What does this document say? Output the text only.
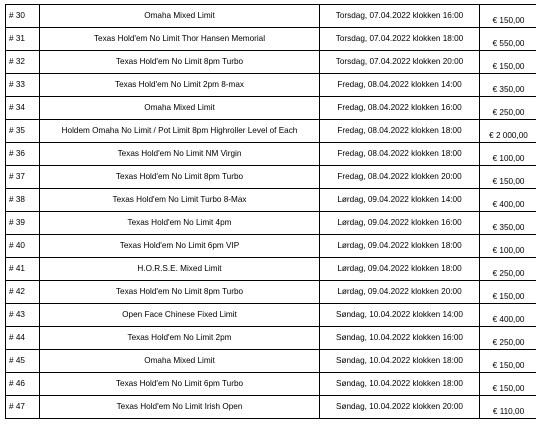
# 30	Omaha Mixed Limit	Torsdag, 07.04.2022 klokken 16:00	€ 150,00

# 31	Texas Hold'em No Limit Thor Hansen Memorial	Torsdag, 07.04.2022 klokken 18:00	€ 550,00

# 32	Texas Hold'em No Limit 8pm Turbo	Torsdag, 07.04.2022 klokken 20:00	€ 150,00

# 33	Texas Hold'em No Limit 2pm 8-max	Fredag, 08.04.2022 klokken 14:00	€ 350,00

# 34	Omaha Mixed Limit	Fredag, 08.04.2022 klokken 16:00	€ 250,00

# 35	Holdem Omaha No Limit / Pot Limit 8pm Highroller Level of Each	Fredag, 08.04.2022 klokken 18:00	€ 2 000,00

# 36	Texas Hold'em No Limit NM Virgin	Fredag, 08.04.2022 klokken 18:00	€ 100,00

# 37	Texas Hold'em No Limit 8pm Turbo	Fredag, 08.04.2022 klokken 20:00	€ 150,00

# 38	Texas Hold'em No Limit Turbo 8-Max	Lørdag, 09.04.2022 klokken 14:00	€ 400,00

# 39	Texas Hold'em No Limit 4pm	Lørdag, 09.04.2022 klokken 16:00	€ 350,00

# 40	Texas Hold'em No Limit 6pm VIP	Lørdag, 09.04.2022 klokken 18:00	€ 100,00

# 41	H.O.R.S.E. Mixed Limit	Lørdag, 09.04.2022 klokken 18:00	€ 250,00

# 42	Texas Hold'em No Limit 8pm Turbo	Lørdag, 09.04.2022 klokken 20:00	€ 150,00

# 43	Open Face Chinese Fixed Limit	Søndag, 10.04.2022 klokken 14:00	€ 400,00

# 44	Texas Hold'em No Limit 2pm	Søndag, 10.04.2022 klokken 16:00	€ 250,00

# 45	Omaha Mixed Limit	Søndag, 10.04.2022 klokken 18:00	€ 150,00

# 46	Texas Hold'em No Limit 6pm Turbo	Søndag, 10.04.2022 klokken 18:00	€ 150,00

# 47	Texas Hold'em No Limit Irish Open	Søndag, 10.04.2022 klokken 20:00	€ 110,00
